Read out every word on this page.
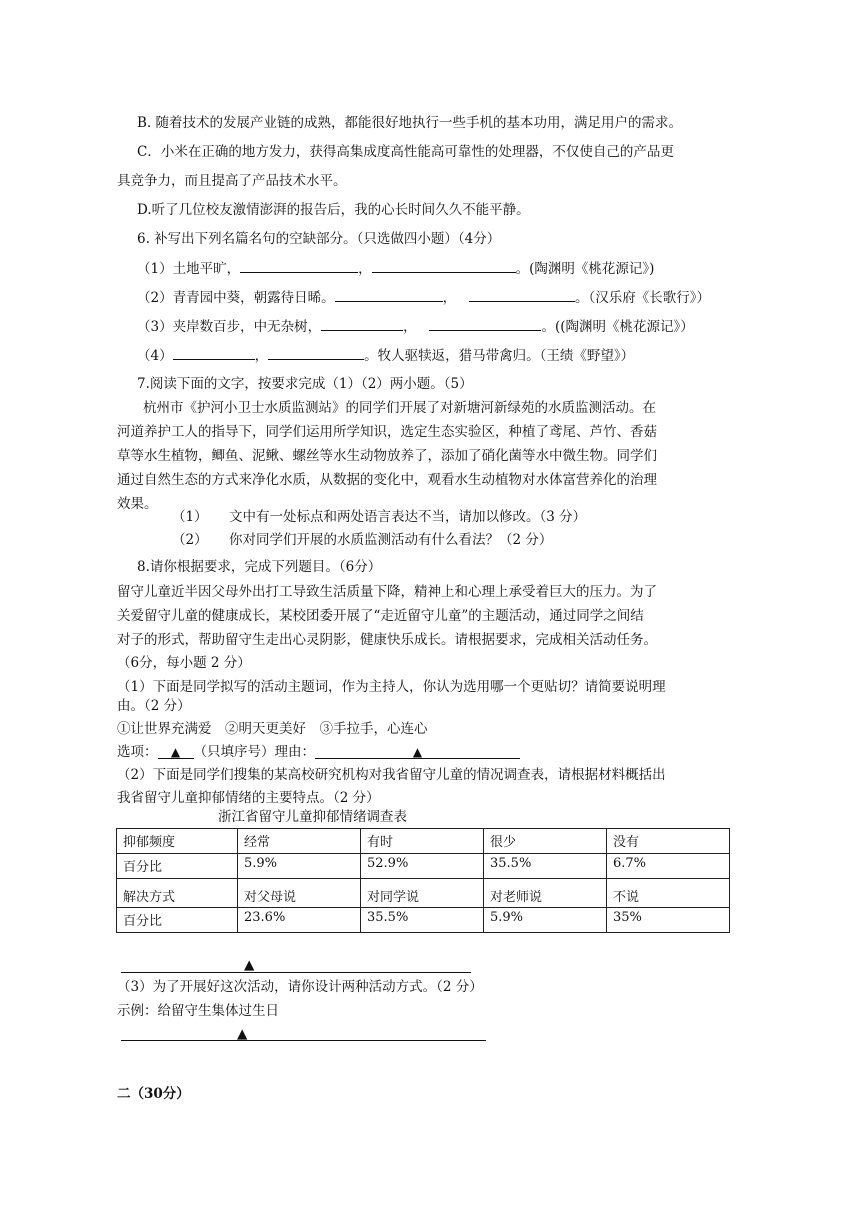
B. 随着技术的发展产业链的成熟，都能很好地执行一些手机的基本功用，满足用户的需求。
C．小米在正确的地方发力，获得高集成度高性能高可靠性的处理器，不仅使自己的产品更
具竞争力，而且提高了产品技术水平。
D.听了几位校友激情澎湃的报告后，我的心长时间久久不能平静。
6. 补写出下列名篇名句的空缺部分。（只选做四小题）（4分）
（1）土地平旷，	，	。(陶渊明《桃花源记》)
（2）青青园中葵，朝露待日晞。	，	。（汉乐府《长歌行》）
（3）夹岸数百步，中无杂树，	，	。((陶渊明《桃花源记》）
（4）	，	。牧人驱犊返，猎马带禽归。（王绩《野望》）
7.阅读下面的文字，按要求完成（1）（2）两小题。（5）
杭州市《护河小卫士水质监测站》的同学们开展了对新塘河新绿苑的水质监测活动。在
河道养护工人的指导下，同学们运用所学知识，选定生态实验区，种植了鸢尾、芦竹、香菇
草等水生植物，鲫鱼、泥鳅、螺丝等水生动物放养了，添加了硝化菌等水中微生物。同学们
通过自然生态的方式来净化水质，从数据的变化中，观看水生动植物对水体富营养化的治理
效果。
（1） 文中有一处标点和两处语言表达不当，请加以修改。（3 分）
（2） 你对同学们开展的水质监测活动有什么看法？（2 分）
8.请你根据要求，完成下列题目。（6分）
留守儿童近半因父母外出打工导致生活质量下降，精神上和心理上承受着巨大的压力。为了
关爱留守儿童的健康成长，某校团委开展了“走近留守儿童”的主题活动，通过同学之间结
对子的形式，帮助留守生走出心灵阴影，健康快乐成长。请根据要求，完成相关活动任务。
（6分，每小题 2 分）
（1）下面是同学拟写的活动主题词，作为主持人，你认为选用哪一个更贴切？请简要说明理
由。（2 分）
①让世界充满爱　②明天更美好　③手拉手，心连心
选项： ▲ （只填序号）理由：	▲
（2）下面是同学们搜集的某高校研究机构对我省留守儿童的情况调查表，请根据材料概括出
我省留守儿童抑郁情绪的主要特点。（2 分）
浙江省留守儿童抑郁情绪调查表
抑郁频度	经常	有时	很少	没有
百分比	5.9%	52.9%	35.5%	6.7%
解决方式	对父母说	对同学说	对老师说	不说
百分比	23.6%	35.5%	5.9%	35%
▲
（3）为了开展好这次活动，请你设计两种活动方式。（2 分）
示例：给留守生集体过生日
▲
二（30分）
